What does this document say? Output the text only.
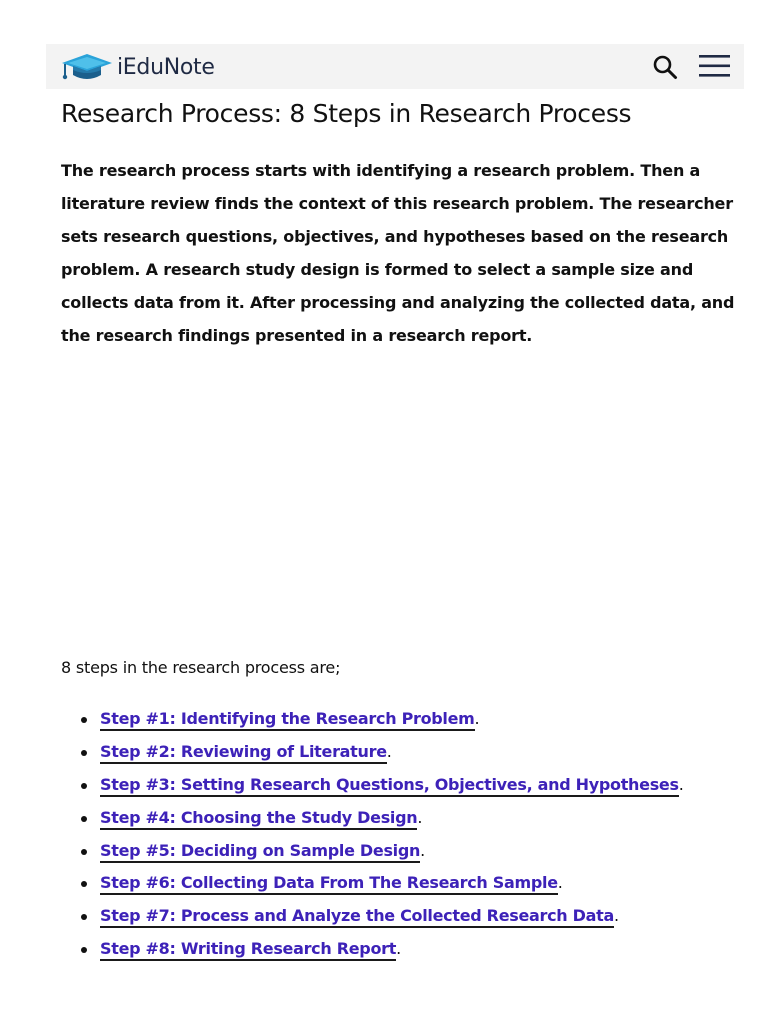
iEduNote
Research Process: 8 Steps in Research Process

The research process starts with identifying a research problem. Then a literature review finds the context of this research problem. The researcher sets research questions, objectives, and hypotheses based on the research problem. A research study design is formed to select a sample size and collects data from it. After processing and analyzing the collected data, and the research findings presented in a research report.

8 steps in the research process are;

Step #1: Identifying the Research Problem.
Step #2: Reviewing of Literature.
Step #3: Setting Research Questions, Objectives, and Hypotheses.
Step #4: Choosing the Study Design.
Step #5: Deciding on Sample Design.
Step #6: Collecting Data From The Research Sample.
Step #7: Process and Analyze the Collected Research Data.
Step #8: Writing Research Report.
